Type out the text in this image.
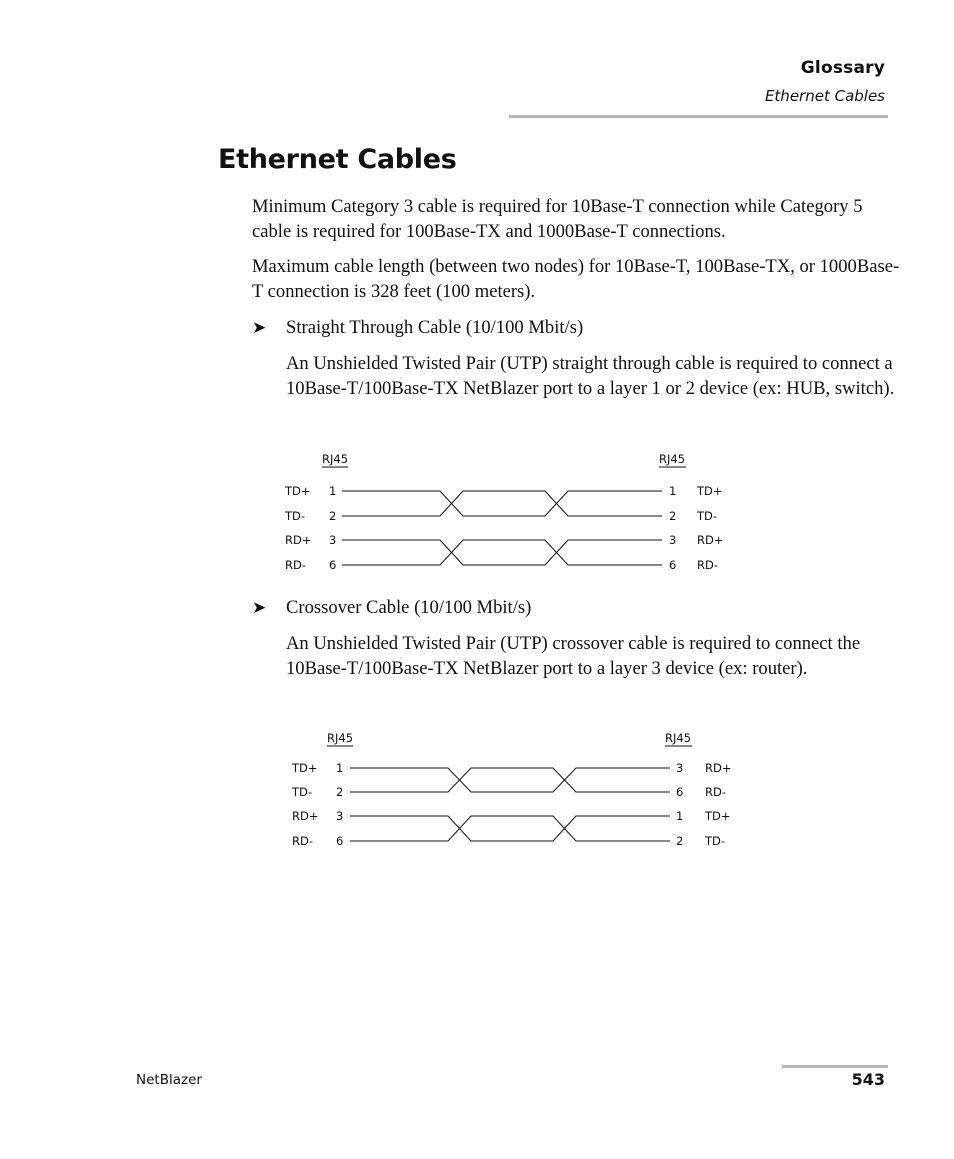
Glossary
Ethernet Cables
Ethernet Cables

Minimum Category 3 cable is required for 10Base-T connection while Category 5 cable is required for 100Base-TX and 1000Base-T connections.

Maximum cable length (between two nodes) for 10Base-T, 100Base-TX, or 1000Base-T connection is 328 feet (100 meters).

➤ Straight Through Cable (10/100 Mbit/s)

An Unshielded Twisted Pair (UTP) straight through cable is required to connect a 10Base-T/100Base-TX NetBlazer port to a layer 1 or 2 device (ex: HUB, switch).

RJ45	RJ45
TD+ 1	1 TD+
TD- 2	2 TD-
RD+ 3	3 RD+
RD- 6	6 RD-
➤ Crossover Cable (10/100 Mbit/s)

An Unshielded Twisted Pair (UTP) crossover cable is required to connect the 10Base-T/100Base-TX NetBlazer port to a layer 3 device (ex: router).

RJ45	RJ45
TD+ 1	3 RD+
TD- 2	6 RD-
RD+ 3	1 TD+
RD- 6	2 TD-
NetBlazer	543
